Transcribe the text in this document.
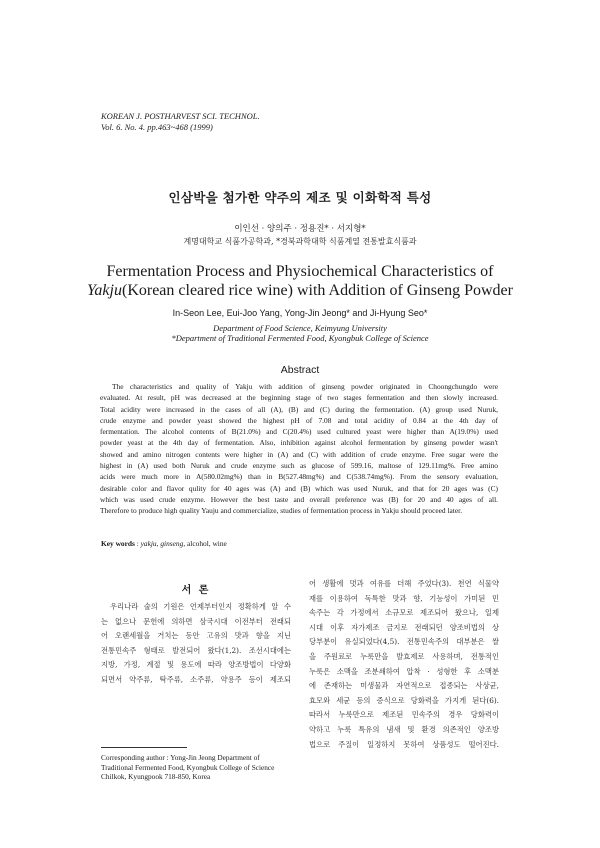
KOREAN J. POSTHARVEST SCI. TECHNOL.
Vol. 6. No. 4. pp.463~468 (1999)
인삼박을 첨가한 약주의 제조 및 이화학적 특성
이인선 · 양의주 · 정용진* · 서지형*
계명대학교 식품가공학과, *경북과학대학 식품계열 전통발효식품과
Fermentation Process and Physiochemical Characteristics of
Yakju(Korean cleared rice wine) with Addition of Ginseng Powder
In-Seon Lee, Eui-Joo Yang, Yong-Jin Jeong* and Ji-Hyung Seo*
Department of Food Science, Keimyung University
*Department of Traditional Fermented Food, Kyongbuk College of Science
Abstract
The characteristics and quality of Yakju with addition of ginseng powder originated in Choongchungdo were
evaluated. At result, pH was decreased at the beginning stage of two stages fermentation and then slowly increased.
Total acidity were increased in the cases of all (A), (B) and (C) during the fermentation. (A) group used Nuruk,
crude enzyme and powder yeast showed the highest pH of 7.08 and total acidity of 0.84 at the 4th day of
fermentation. The alcohol contents of B(21.0%) and C(20.4%) used cultured yeast were higher than A(19.0%) used
powder yeast at the 4th day of fermentation. Also, inhibition against alcohol fermentation by ginseng powder wasn't
showed and amino nitrogen contents were higher in (A) and (C) with addition of crude enzyme. Free sugar were the
highest in (A) used both Nuruk and crude enzyme such as glucose of 599.16, maltose of 129.11mg%. Free amino
acids were much more in A(580.02mg%) than in B(527.48mg%) and C(538.74mg%). From the sensory evaluation,
desirable color and flavor qulity for 40 ages was (A) and (B) which was used Nuruk, and that for 20 ages was (C)
which was used crude enzyme. However the best taste and overall preference was (B) for 20 and 40 ages of all.
Therefore to produce high quality Yauju and commercialize, studies of fermentation process in Yakju should proceed later.
Key words : yakju, ginseng, alcohol, wine
서 론
우리나라 술의 기원은 언제부터인지 정확하게 알 수
는 없으나 문헌에 의하면 삼국시대 이전부터 전래되
어 오랜세월을 거치는 동안 고유의 맛과 향을 지닌
전통민속주 형태로 발전되어 왔다(1,2). 조선시대에는
지방, 가정, 계절 및 용도에 따라 양조방법이 다양화
되면서 약주류, 탁주류, 소주류, 약용주 등이 제조되
어 생활에 멋과 여유를 더해 주었다(3). 천연 식물약
재를 이용하여 독특한 맛과 향, 기능성이 가미된 민
속주는 각 가정에서 소규모로 제조되어 왔으나, 일제
시대 이후 자가제조 금지로 전래되던 양조비법의 상
당부분이 유실되었다(4,5). 전통민속주의 대부분은 쌀
을 주원료로 누룩만을 발효제로 사용하며, 전통적인
누룩은 소맥을 조분쇄하여 압착 · 성형한 후 소맥분
에 존재하는 미생물과 자연적으로 접종되는 사상균,
효모와 세균 등의 증식으로 당화력을 가지게 된다(6).
따라서 누룩만으로 제조된 민속주의 경우 당화력이
약하고 누룩 특유의 냄새 및 환경 의존적인 양조방
법으로 주질이 일정하지 못하여 상품성도 떨어진다.
Corresponding author : Yong-Jin Jeong Department of
Traditional Fermented Food, Kyongbuk College of Science
Chilkok, Kyungpook 718-850, Korea
